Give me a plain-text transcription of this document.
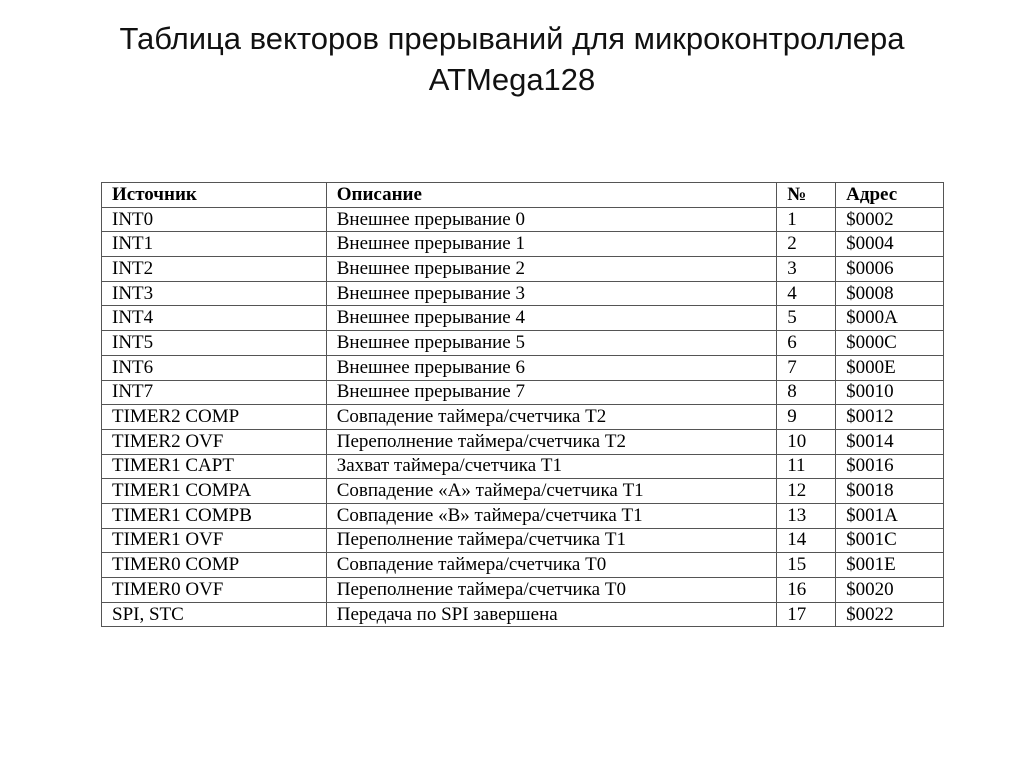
Таблица векторов прерываний для микроконтроллера
ATMega128
Источник	Описание	№	Адрес
INT0	Внешнее прерывание 0	1	$0002
INT1	Внешнее прерывание 1	2	$0004
INT2	Внешнее прерывание 2	3	$0006
INT3	Внешнее прерывание 3	4	$0008
INT4	Внешнее прерывание 4	5	$000A
INT5	Внешнее прерывание 5	6	$000C
INT6	Внешнее прерывание 6	7	$000E
INT7	Внешнее прерывание 7	8	$0010
TIMER2 COMP	Совпадение таймера/счетчика Т2	9	$0012
TIMER2 OVF	Переполнение таймера/счетчика Т2	10	$0014
TIMER1 CAPT	Захват таймера/счетчика Т1	11	$0016
TIMER1 COMPA	Совпадение «А» таймера/счетчика Т1	12	$0018
TIMER1 COMPB	Совпадение «В» таймера/счетчика Т1	13	$001A
TIMER1 OVF	Переполнение таймера/счетчика Т1	14	$001C
TIMER0 COMP	Совпадение таймера/счетчика Т0	15	$001E
TIMER0 OVF	Переполнение таймера/счетчика Т0	16	$0020
SPI, STC	Передача по SPI завершена	17	$0022
